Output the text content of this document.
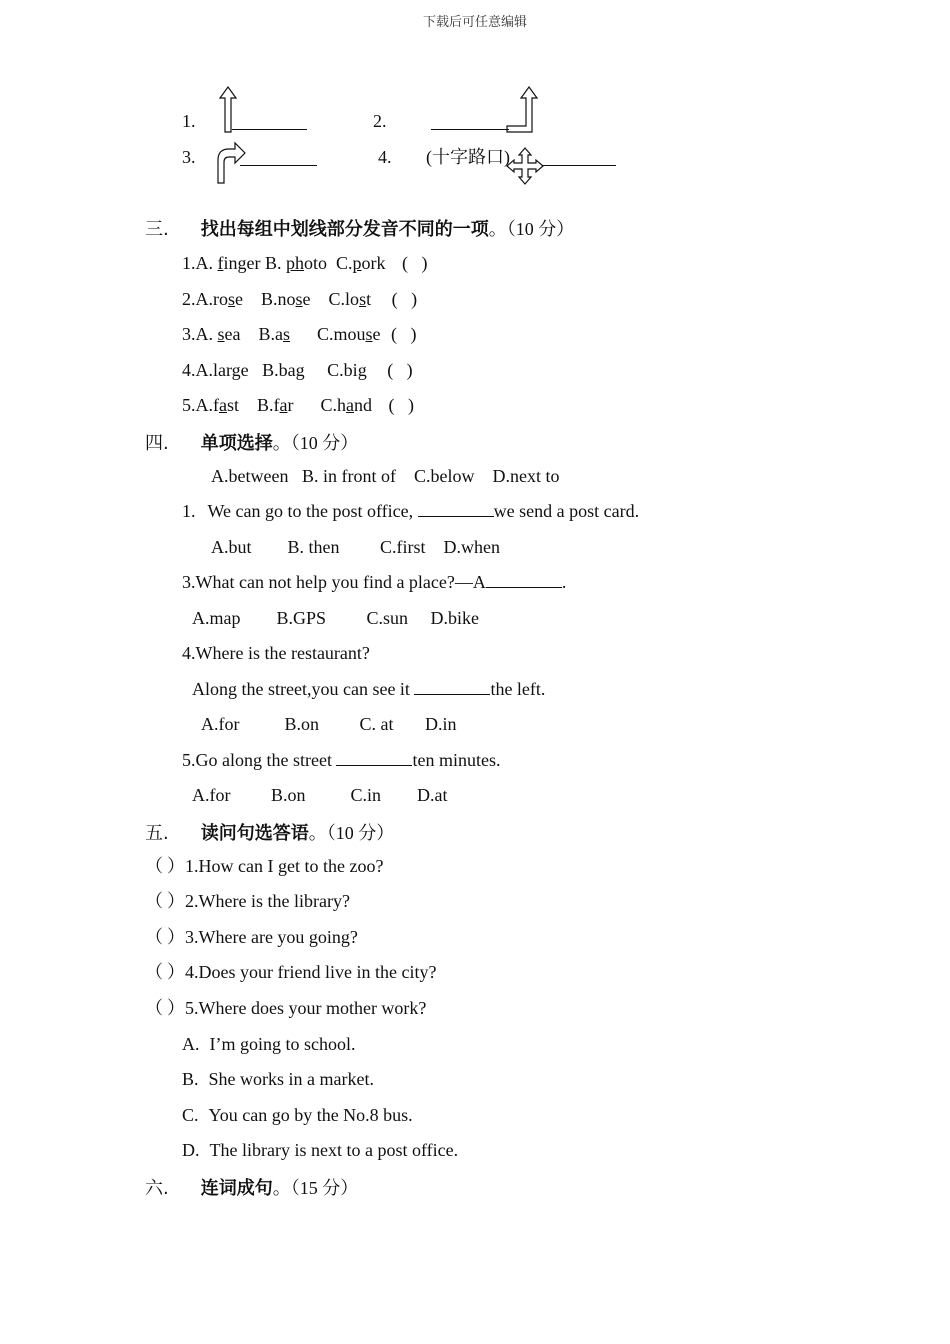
下载后可任意编辑
1.	2.
3.	4. (十字路口)
三. 找出每组中划线部分发音不同的一项。（10 分）
1.A. finger B. photo  C.pork (   )
2.A.rose    B.nose    C.lost (   )
3.A. sea    B.as      C.mouse (   )
4.A.large   B.bag     C.big (   )
5.A.fast    B.far      C.hand (   )
四. 单项选择。（10 分）
A.between   B. in front of    C.below    D.next to
1. We can go to the post office,	we send a post card.
A.but        B. then         C.first    D.when
3.What can not help you find a place?—A	.
A.map        B.GPS         C.sun     D.bike
4.Where is the restaurant?
Along the street,you can see it	the left.
A.for          B.on         C. at       D.in
5.Go along the street	ten minutes.
A.for         B.on          C.in        D.at
五. 读问句选答语。（10 分）
（ ）1.How can I get to the zoo?
（ ）2.Where is the library?
（ ）3.Where are you going?
（ ）4.Does your friend live in the city?
（ ）5.Where does your mother work?
A. I’m going to school.
B. She works in a market.
C. You can go by the No.8 bus.
D. The library is next to a post office.
六. 连词成句。（15 分）
